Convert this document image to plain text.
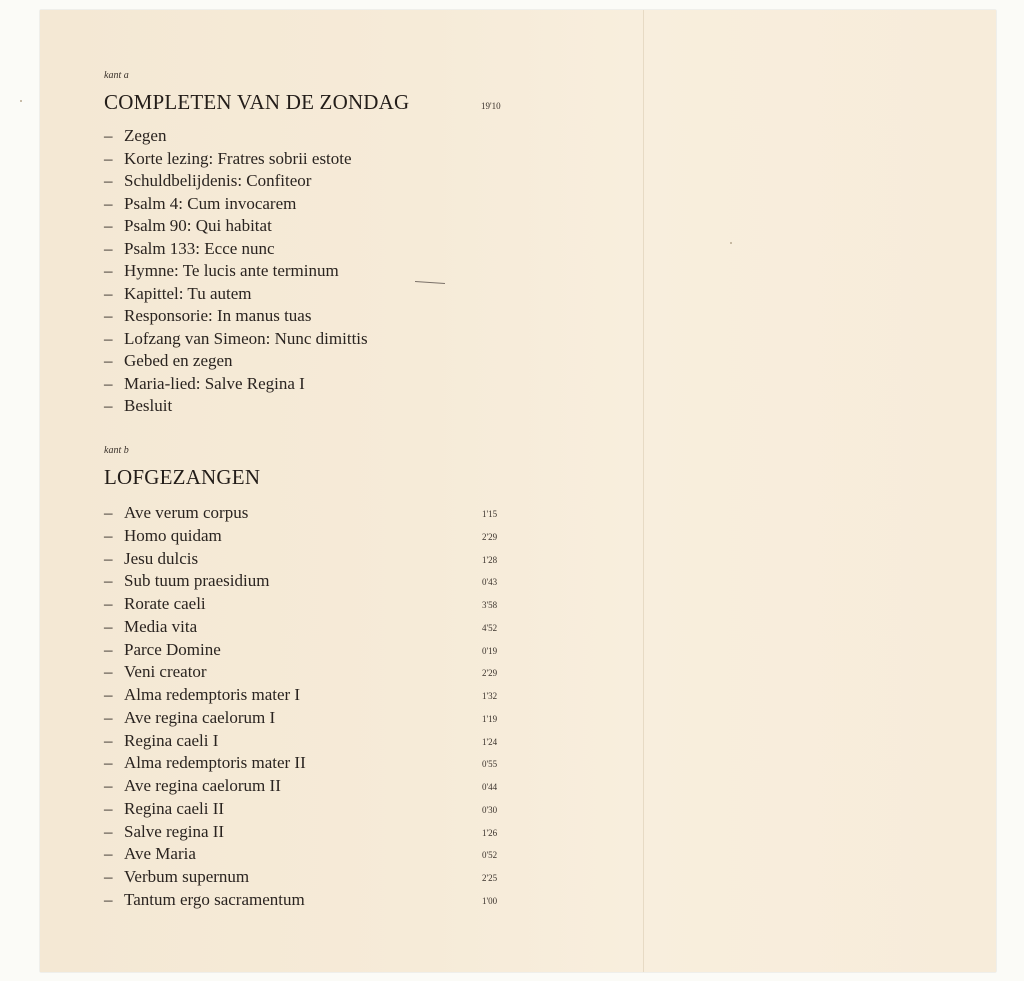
kant a
COMPLETEN VAN DE ZONDAG	19'10
– Zegen
– Korte lezing: Fratres sobrii estote
– Schuldbelijdenis: Confiteor
– Psalm 4: Cum invocarem
– Psalm 90: Qui habitat
– Psalm 133: Ecce nunc
– Hymne: Te lucis ante terminum
– Kapittel: Tu autem
– Responsorie: In manus tuas
– Lofzang van Simeon: Nunc dimittis
– Gebed en zegen
– Maria-lied: Salve Regina I
– Besluit
kant b
LOFGEZANGEN
– Ave verum corpus	1'15
– Homo quidam	2'29
– Jesu dulcis	1'28
– Sub tuum praesidium	0'43
– Rorate caeli	3'58
– Media vita	4'52
– Parce Domine	0'19
– Veni creator	2'29
– Alma redemptoris mater I	1'32
– Ave regina caelorum I	1'19
– Regina caeli I	1'24
– Alma redemptoris mater II	0'55
– Ave regina caelorum II	0'44
– Regina caeli II	0'30
– Salve regina II	1'26
– Ave Maria	0'52
– Verbum supernum	2'25
– Tantum ergo sacramentum	1'00
